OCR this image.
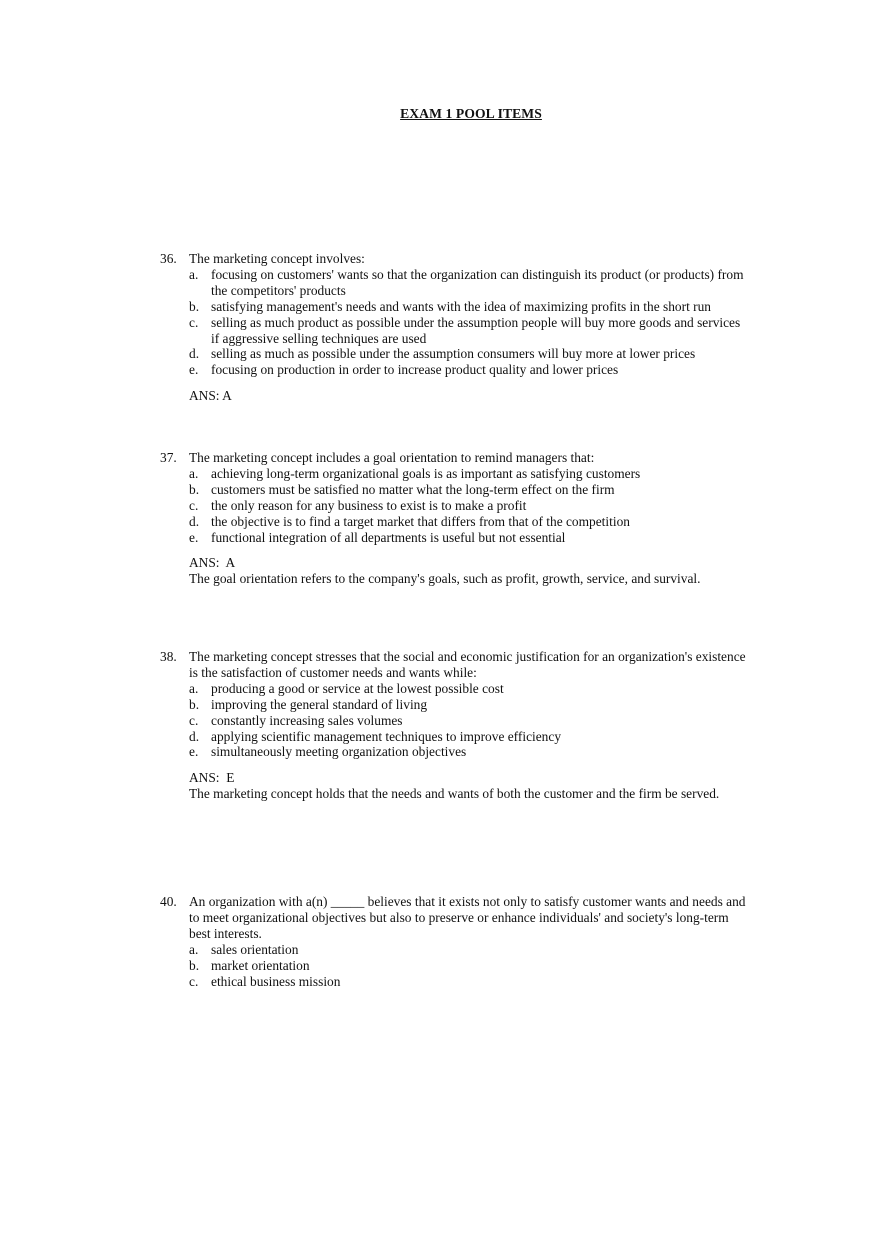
EXAM 1 POOL ITEMS
36. The marketing concept involves:
a. focusing on customers' wants so that the organization can distinguish its product (or products) from the competitors' products
b. satisfying management's needs and wants with the idea of maximizing profits in the short run
c. selling as much product as possible under the assumption people will buy more goods and services if aggressive selling techniques are used
d. selling as much as possible under the assumption consumers will buy more at lower prices
e. focusing on production in order to increase product quality and lower prices
ANS: A
37. The marketing concept includes a goal orientation to remind managers that:
a. achieving long-term organizational goals is as important as satisfying customers
b. customers must be satisfied no matter what the long-term effect on the firm
c. the only reason for any business to exist is to make a profit
d. the objective is to find a target market that differs from that of the competition
e. functional integration of all departments is useful but not essential
ANS:  A
The goal orientation refers to the company's goals, such as profit, growth, service, and survival.
38. The marketing concept stresses that the social and economic justification for an organization's existence is the satisfaction of customer needs and wants while:
a. producing a good or service at the lowest possible cost
b. improving the general standard of living
c. constantly increasing sales volumes
d. applying scientific management techniques to improve efficiency
e. simultaneously meeting organization objectives
ANS:  E
The marketing concept holds that the needs and wants of both the customer and the firm be served.
40. An organization with a(n) _____ believes that it exists not only to satisfy customer wants and needs and to meet organizational objectives but also to preserve or enhance individuals' and society's long-term best interests.
a. sales orientation
b. market orientation
c. ethical business mission
